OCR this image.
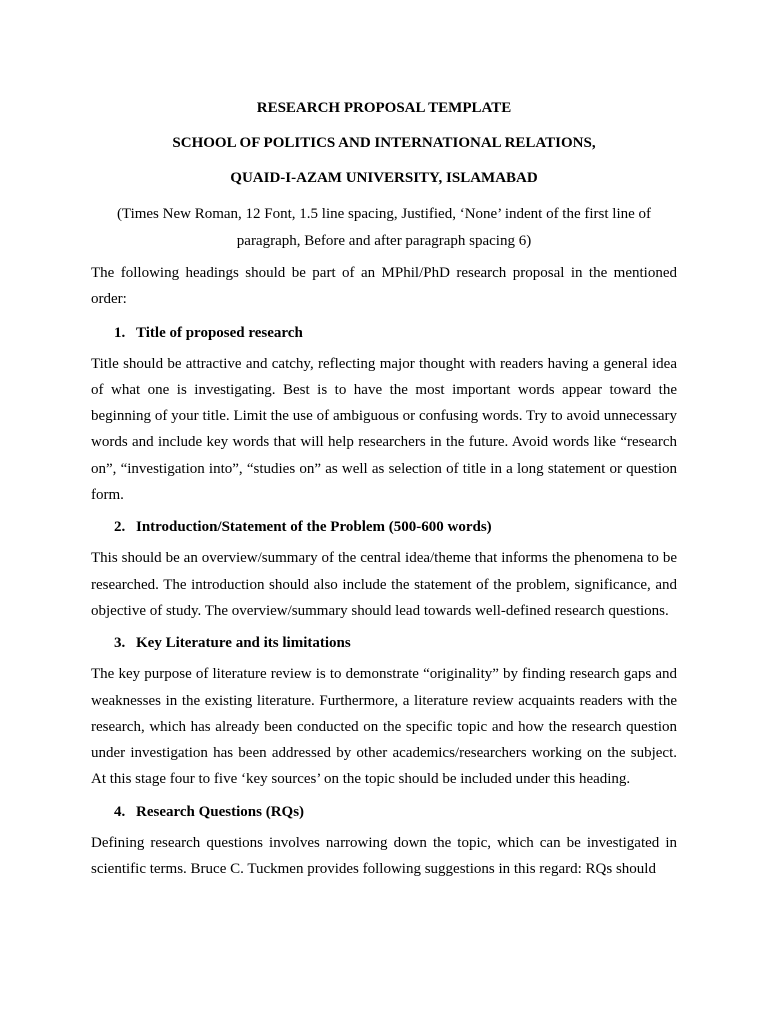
RESEARCH PROPOSAL TEMPLATE
SCHOOL OF POLITICS AND INTERNATIONAL RELATIONS,
QUAID-I-AZAM UNIVERSITY, ISLAMABAD
(Times New Roman, 12 Font, 1.5 line spacing, Justified, ‘None’ indent of the first line of paragraph, Before and after paragraph spacing 6)

The following headings should be part of an MPhil/PhD research proposal in the mentioned order:

1. Title of proposed research

Title should be attractive and catchy, reflecting major thought with readers having a general idea of what one is investigating. Best is to have the most important words appear toward the beginning of your title. Limit the use of ambiguous or confusing words. Try to avoid unnecessary words and include key words that will help researchers in the future. Avoid words like “research on”, “investigation into”, “studies on” as well as selection of title in a long statement or question form.

2. Introduction/Statement of the Problem (500-600 words)

This should be an overview/summary of the central idea/theme that informs the phenomena to be researched. The introduction should also include the statement of the problem, significance, and objective of study. The overview/summary should lead towards well-defined research questions.

3. Key Literature and its limitations

The key purpose of literature review is to demonstrate “originality” by finding research gaps and weaknesses in the existing literature. Furthermore, a literature review acquaints readers with the research, which has already been conducted on the specific topic and how the research question under investigation has been addressed by other academics/researchers working on the subject. At this stage four to five ‘key sources’ on the topic should be included under this heading.

4. Research Questions (RQs)

Defining research questions involves narrowing down the topic, which can be investigated in scientific terms. Bruce C. Tuckmen provides following suggestions in this regard: RQs should
